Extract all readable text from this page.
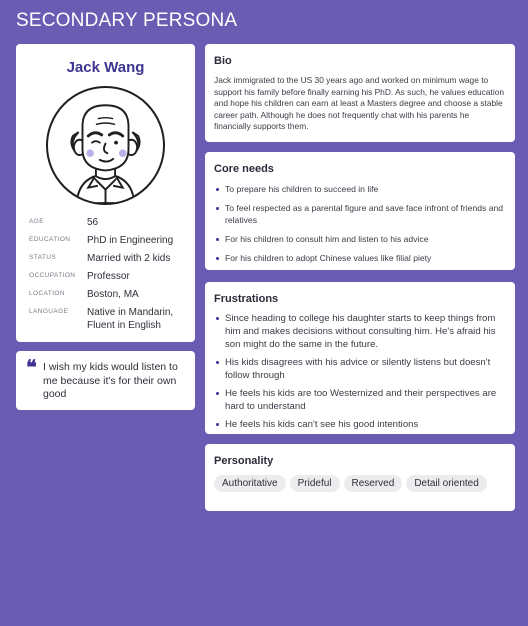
SECONDARY PERSONA
Jack Wang
AGE	56
EDUCATION	PhD in Engineering
STATUS	Married with 2 kids
OCCUPATION	Professor
LOCATION	Boston, MA
LANGUAGE	Native in Mandarin, Fluent in English
❝ I wish my kids would listen to me because it's for their own good
Bio
Jack immigrated to the US 30 years ago and worked on minimum wage to support his family before finally earning his PhD. As such, he values education and hope his children can earn at least a Masters degree and choose a stable career path. Although he does not frequently chat with his parents he financially supports them.
Core needs
To prepare his children to succeed in life
To feel respected as a parental figure and save face infront of friends and relatives
For his children to consult him and listen to his advice
For his children to adopt Chinese values like filial piety
Frustrations
Since heading to college his daughter starts to keep things from him and makes decisions without consulting him. He's afraid his son might do the same in the future.
His kids disagrees with his advice or silently listens but doesn't follow through
He feels his kids are too Westernized and their perspectives are hard to understand
He feels his kids can't see his good intentions
Personality
Authoritative	Prideful	Reserved	Detail oriented
